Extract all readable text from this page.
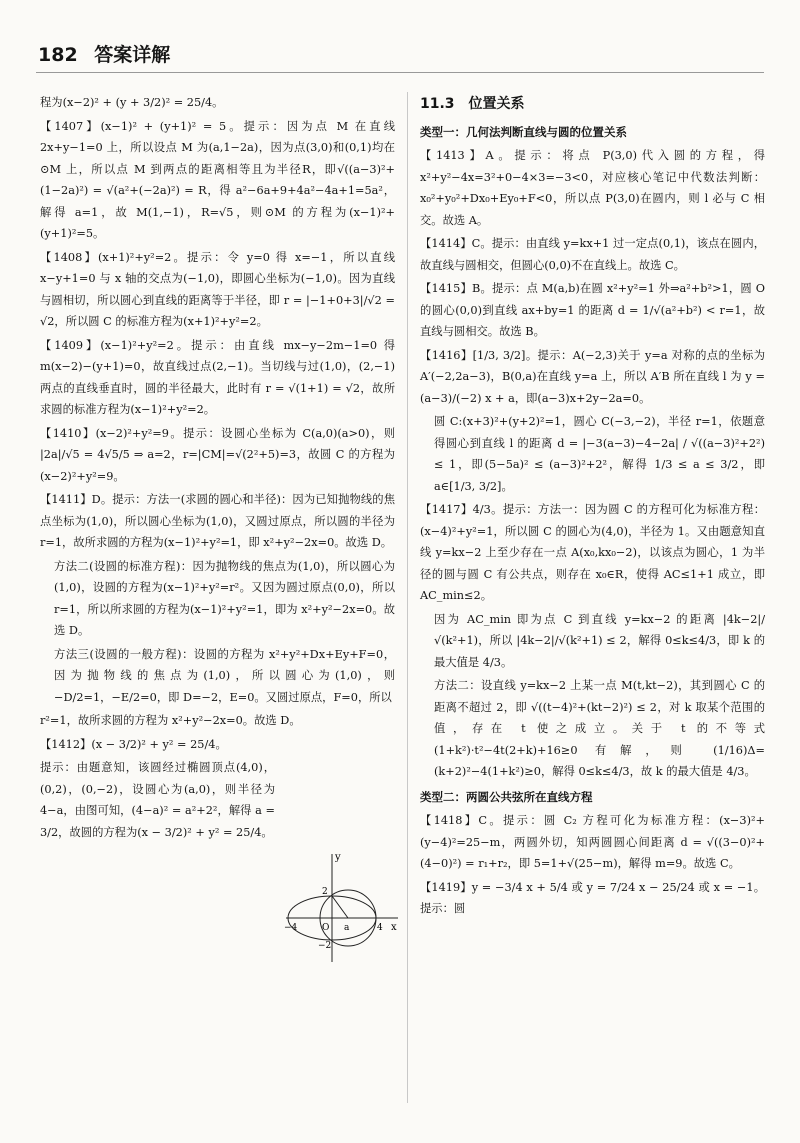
182 答案详解

程为(x−2)² + (y + 3/2)² = 25/4。

【1407】(x−1)² + (y+1)² = 5。提示：因为点 M 在直线 2x+y−1=0 上，所以设点 M 为(a,1−2a)，因为点(3,0)和(0,1)均在⊙M 上，所以点 M 到两点的距离相等且为半径R，即√((a−3)²+(1−2a)²) = √(a²+(−2a)²) = R，得 a²−6a+9+4a²−4a+1=5a²，解得 a=1，故 M(1,−1)，R=√5，则⊙M 的方程为(x−1)²+(y+1)²=5。

【1408】(x+1)²+y²=2。提示：令 y=0 得 x=−1，所以直线 x−y+1=0 与 x 轴的交点为(−1,0)，即圆心坐标为(−1,0)。因为直线与圆相切，所以圆心到直线的距离等于半径，即 r = |−1+0+3|/√2 = √2，所以圆 C 的标准方程为(x+1)²+y²=2。

【1409】(x−1)²+y²=2。提示：由直线 mx−y−2m−1=0 得 m(x−2)−(y+1)=0，故直线过点(2,−1)。当切线与过(1,0)，(2,−1)两点的直线垂直时，圆的半径最大，此时有 r = √(1+1) = √2，故所求圆的标准方程为(x−1)²+y²=2。

【1410】(x−2)²+y²=9。提示：设圆心坐标为 C(a,0)(a>0)，则 |2a|/√5 = 4√5/5 ⇒ a=2，r=|CM|=√(2²+5)=3，故圆 C 的方程为(x−2)²+y²=9。

【1411】D。提示：方法一(求圆的圆心和半径)：因为已知抛物线的焦点坐标为(1,0)，所以圆心坐标为(1,0)，又圆过原点，所以圆的半径为 r=1，故所求圆的方程为(x−1)²+y²=1，即 x²+y²−2x=0。故选 D。

方法二(设圆的标准方程)：因为抛物线的焦点为(1,0)，所以圆心为(1,0)，设圆的方程为(x−1)²+y²=r²。又因为圆过原点(0,0)，所以 r=1，所以所求圆的方程为(x−1)²+y²=1，即为 x²+y²−2x=0。故选 D。

方法三(设圆的一般方程)：设圆的方程为 x²+y²+Dx+Ey+F=0，因为抛物线的焦点为(1,0)，所以圆心为(1,0)，则 −D/2=1，−E/2=0，即 D=−2，E=0。又圆过原点，F=0，所以

r²=1，故所求圆的方程为 x²+y²−2x=0。故选 D。

【1412】(x − 3/2)² + y² = 25/4。

提示：由题意知，该圆经过椭圆顶点(4,0)，(0,2)，(0,−2)，设圆心为(a,0)，则半径为 4−a，由图可知，(4−a)² = a²+2²，解得 a = 3/2，故圆的方程为(x − 3/2)² + y² = 25/4。

y
x
O a
2
−2
−4	4
11.3　位置关系
类型一：几何法判断直线与圆的位置关系

【1413】A。提示：将点 P(3,0)代入圆的方程，得 x²+y²−4x=3²+0−4×3=−3<0，对应核心笔记中代数法判断：x₀²+y₀²+Dx₀+Ey₀+F<0，所以点 P(3,0)在圆内，则 l 必与 C 相交。故选 A。

【1414】C。提示：由直线 y=kx+1 过一定点(0,1)，该点在圆内，故直线与圆相交，但圆心(0,0)不在直线上。故选 C。

【1415】B。提示：点 M(a,b)在圆 x²+y²=1 外⇒a²+b²>1，圆 O 的圆心(0,0)到直线 ax+by=1 的距离 d = 1/√(a²+b²) < r=1，故直线与圆相交。故选 B。

【1416】[1/3, 3/2]。提示：A(−2,3)关于 y=a 对称的点的坐标为 A′(−2,2a−3)，B(0,a)在直线 y=a 上，所以 A′B 所在直线 l 为 y = (a−3)/(−2) x + a，即(a−3)x+2y−2a=0。

圆 C:(x+3)²+(y+2)²=1，圆心 C(−3,−2)，半径 r=1，依题意得圆心到直线 l 的距离 d = |−3(a−3)−4−2a| / √((a−3)²+2²) ≤ 1，即(5−5a)² ≤ (a−3)²+2²，解得 1/3 ≤ a ≤ 3/2，即 a∈[1/3, 3/2]。

【1417】4/3。提示：方法一：因为圆 C 的方程可化为标准方程：(x−4)²+y²=1，所以圆 C 的圆心为(4,0)，半径为 1。又由题意知直线 y=kx−2 上至少存在一点 A(x₀,kx₀−2)，以该点为圆心，1 为半径的圆与圆 C 有公共点，则存在 x₀∈R，使得 AC≤1+1 成立，即 AC_min≤2。

因为 AC_min 即为点 C 到直线 y=kx−2 的距离 |4k−2|/√(k²+1)，所以 |4k−2|/√(k²+1) ≤ 2，解得 0≤k≤4/3，即 k 的最大值是 4/3。

方法二：设直线 y=kx−2 上某一点 M(t,kt−2)，其到圆心 C 的距离不超过 2，即 √((t−4)²+(kt−2)²) ≤ 2，对 k 取某个范围的值，存在 t 使之成立。关于 t 的不等式(1+k²)·t²−4t(2+k)+16≥0 有解，则 (1/16)Δ=(k+2)²−4(1+k²)≥0，解得 0≤k≤4/3，故 k 的最大值是 4/3。

类型二：两圆公共弦所在直线方程

【1418】C。提示：圆 C₂ 方程可化为标准方程：(x−3)²+(y−4)²=25−m，两圆外切，知两圆圆心间距离 d = √((3−0)²+(4−0)²) = r₁+r₂，即 5=1+√(25−m)，解得 m=9。故选 C。

【1419】y = −3/4 x + 5/4 或 y = 7/24 x − 25/24 或 x = −1。提示：圆
